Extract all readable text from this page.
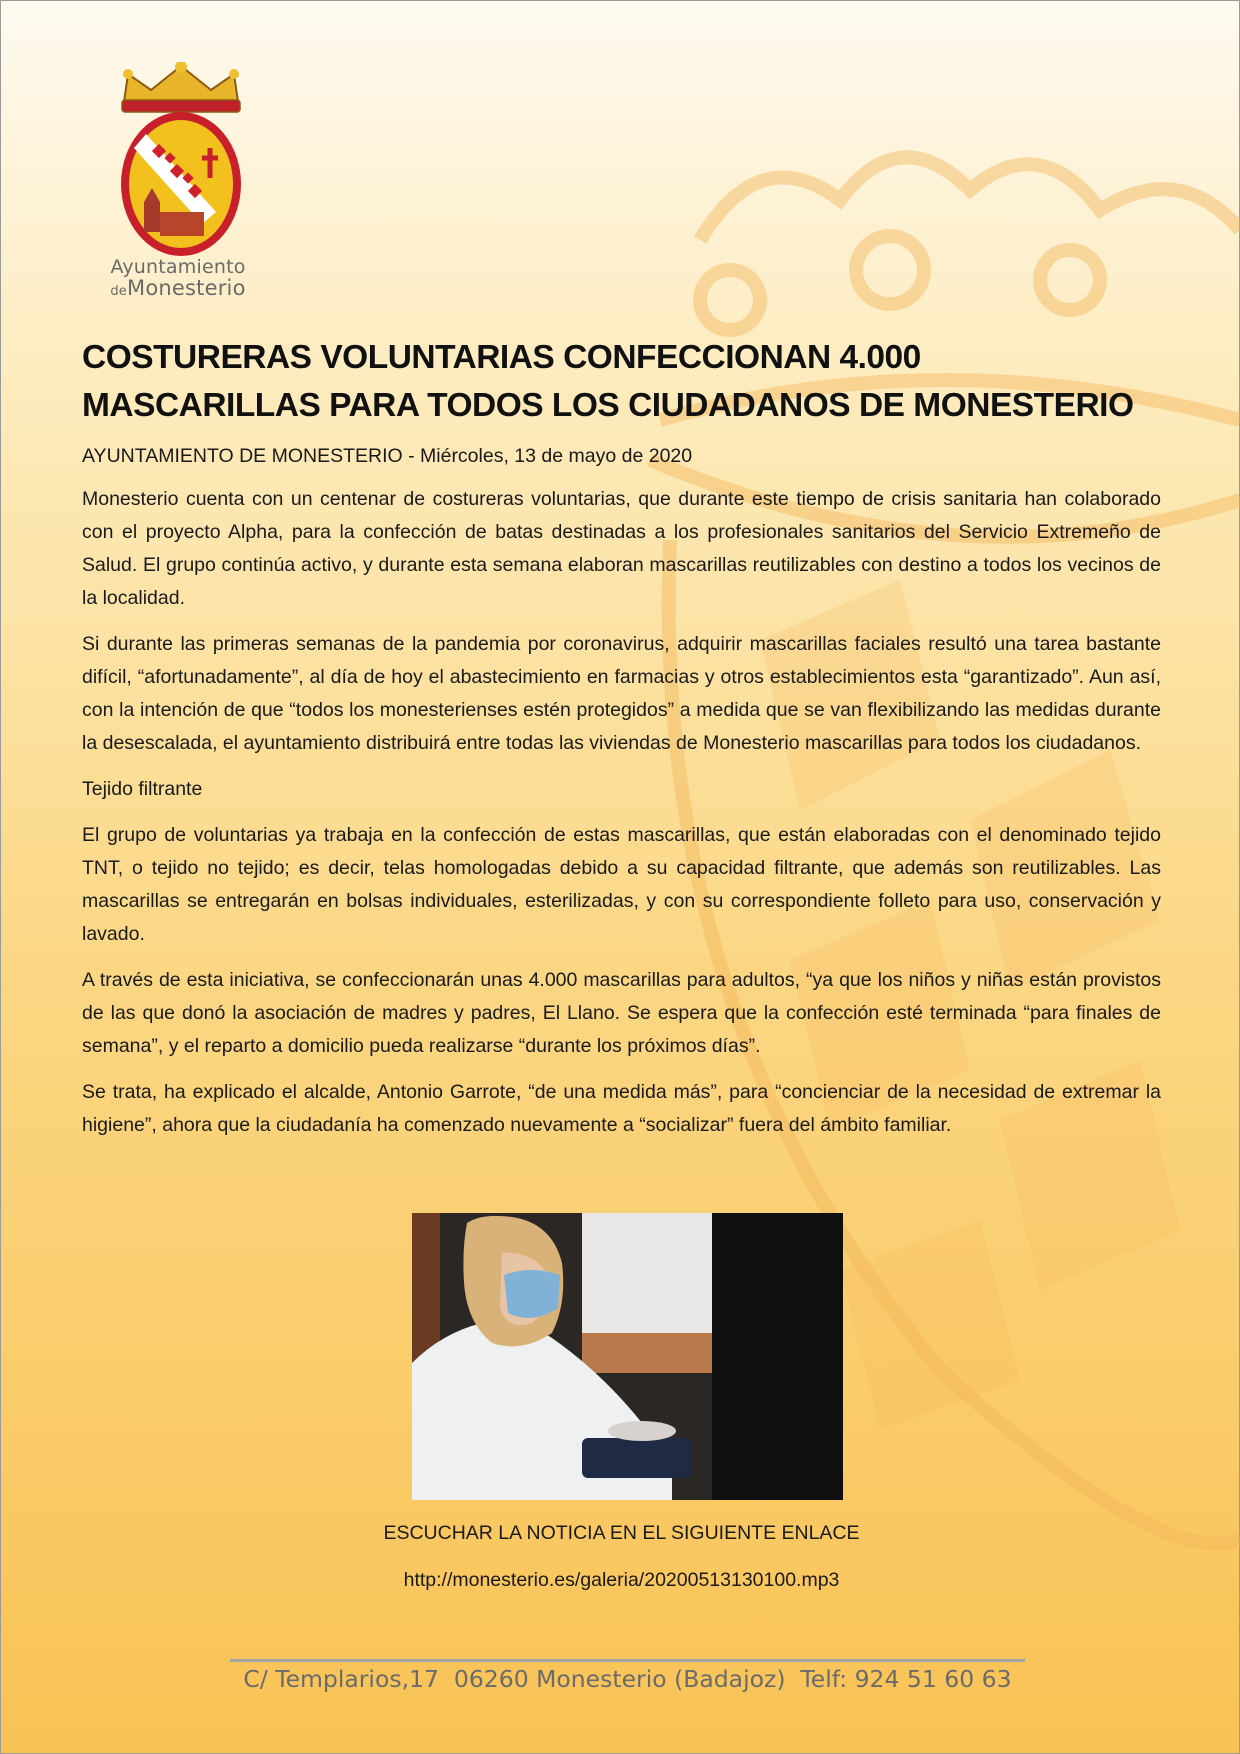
Ayuntamiento
deMonesterio
COSTURERAS VOLUNTARIAS CONFECCIONAN 4.000 MASCARILLAS PARA TODOS LOS CIUDADANOS DE MONESTERIO
AYUNTAMIENTO DE MONESTERIO - Miércoles, 13 de mayo de 2020

Monesterio cuenta con un centenar de costureras voluntarias, que durante este tiempo de crisis sanitaria han colaborado con el proyecto Alpha, para la confección de batas destinadas a los profesionales sanitarios del Servicio Extremeño de Salud. El grupo continúa activo, y durante esta semana elaboran mascarillas reutilizables con destino a todos los vecinos de la localidad.

Si durante las primeras semanas de la pandemia por coronavirus, adquirir mascarillas faciales resultó una tarea bastante difícil, “afortunadamente”, al día de hoy el abastecimiento en farmacias y otros establecimientos esta “garantizado”. Aun así, con la intención de que “todos los monesterienses estén protegidos” a medida que se van flexibilizando las medidas durante la desescalada, el ayuntamiento distribuirá entre todas las viviendas de Monesterio mascarillas para todos los ciudadanos.

Tejido filtrante

El grupo de voluntarias ya trabaja en la confección de estas mascarillas, que están elaboradas con el denominado tejido TNT, o tejido no tejido; es decir, telas homologadas debido a su capacidad filtrante, que además son reutilizables. Las mascarillas se entregarán en bolsas individuales, esterilizadas, y con su correspondiente folleto para uso, conservación y lavado.

A través de esta iniciativa, se confeccionarán unas 4.000 mascarillas para adultos, “ya que los niños y niñas están provistos de las que donó la asociación de madres y padres, El Llano. Se espera que la confección esté terminada “para finales de semana”, y el reparto a domicilio pueda realizarse “durante los próximos días”.

Se trata, ha explicado el alcalde, Antonio Garrote, “de una medida más”, para “concienciar de la necesidad de extremar la higiene”, ahora que la ciudadanía ha comenzado nuevamente a “socializar” fuera del ámbito familiar.

ESCUCHAR LA NOTICIA EN EL SIGUIENTE ENLACE
http://monesterio.es/galeria/20200513130100.mp3
C/ Templarios,17  06260 Monesterio (Badajoz)  Telf: 924 51 60 63
